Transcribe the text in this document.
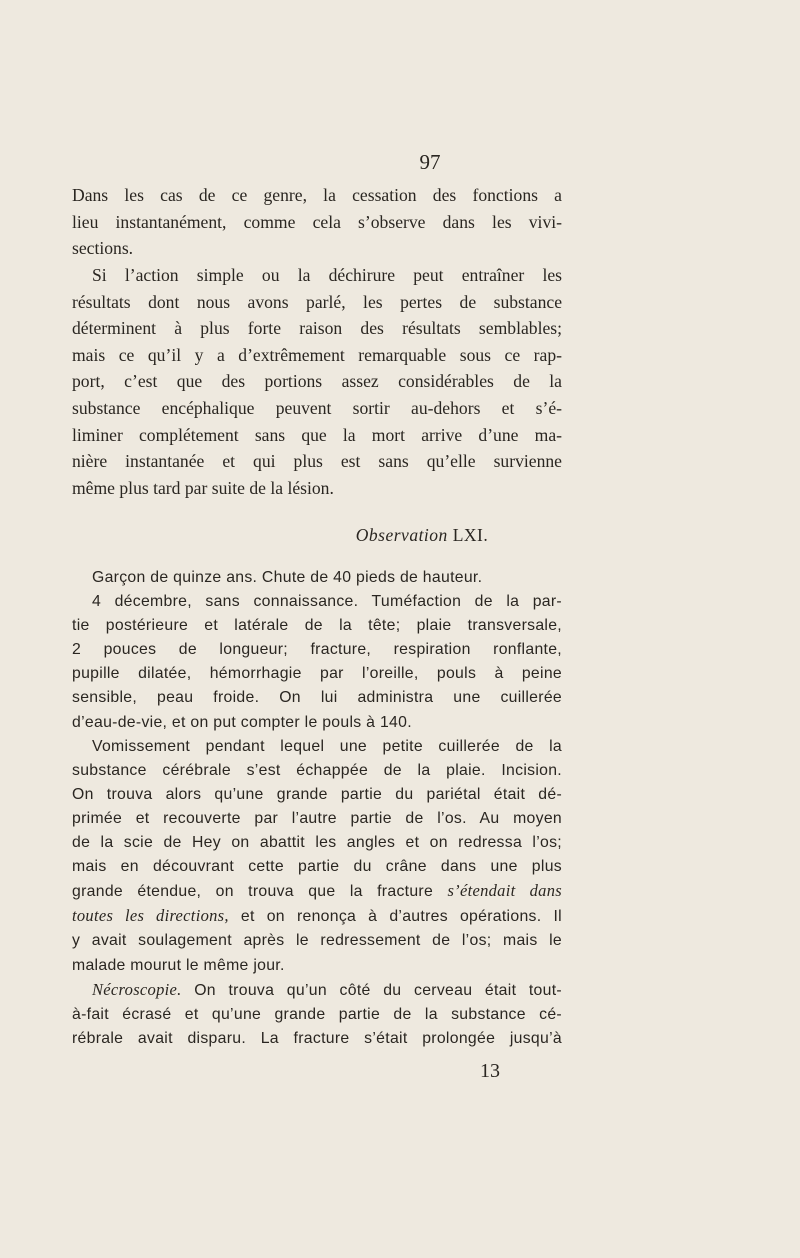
97
Dans les cas de ce genre, la cessation des fonctions a
lieu instantanément, comme cela s’observe dans les vivi-
sections.
Si l’action simple ou la déchirure peut entraîner les
résultats dont nous avons parlé, les pertes de substance
déterminent à plus forte raison des résultats semblables;
mais ce qu’il y a d’extrêmement remarquable sous ce rap-
port, c’est que des portions assez considérables de la
substance encéphalique peuvent sortir au-dehors et s’é-
liminer complétement sans que la mort arrive d’une ma-
nière instantanée et qui plus est sans qu’elle survienne
même plus tard par suite de la lésion.
Observation LXI.
Garçon de quinze ans. Chute de 40 pieds de hauteur.
4 décembre, sans connaissance. Tuméfaction de la par-
tie postérieure et latérale de la tête; plaie transversale,
2 pouces de longueur; fracture, respiration ronflante,
pupille dilatée, hémorrhagie par l’oreille, pouls à peine
sensible, peau froide. On lui administra une cuillerée
d’eau-de-vie, et on put compter le pouls à 140.
Vomissement pendant lequel une petite cuillerée de la
substance cérébrale s’est échappée de la plaie. Incision.
On trouva alors qu’une grande partie du pariétal était dé-
primée et recouverte par l’autre partie de l’os. Au moyen
de la scie de Hey on abattit les angles et on redressa l’os;
mais en découvrant cette partie du crâne dans une plus
grande étendue, on trouva que la fracture s’étendait dans
toutes les directions, et on renonça à d’autres opérations. Il
y avait soulagement après le redressement de l’os; mais le
malade mourut le même jour.
Nécroscopie. On trouva qu’un côté du cerveau était tout-
à-fait écrasé et qu’une grande partie de la substance cé-
rébrale avait disparu. La fracture s’était prolongée jusqu’à
13
